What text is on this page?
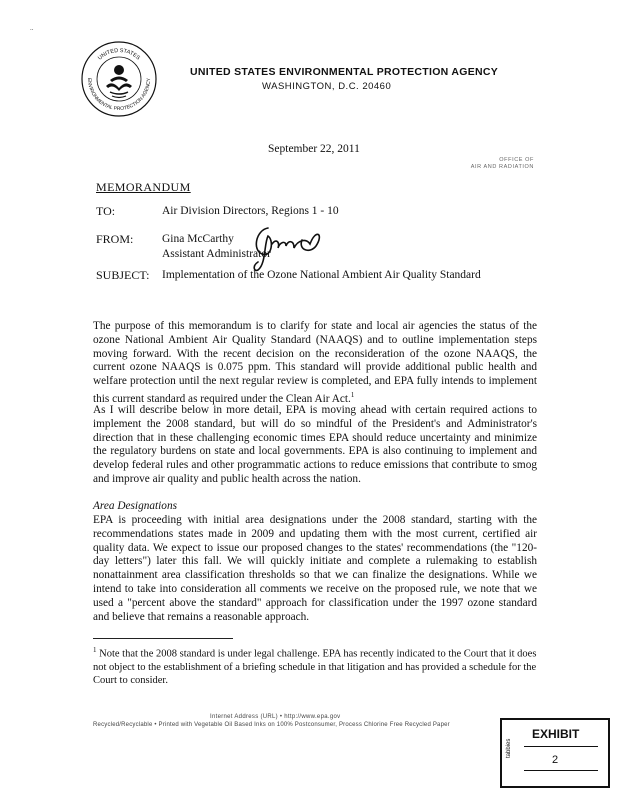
..
UNITED STATES
ENVIRONMENTAL PROTECTION AGENCY
UNITED STATES ENVIRONMENTAL PROTECTION AGENCY
WASHINGTON, D.C. 20460
September 22, 2011
OFFICE OF
AIR AND RADIATION
MEMORANDUM
TO:	Air Division Directors, Regions 1 - 10
FROM: Gina McCarthy
Assistant Administrator
SUBJECT: Implementation of the Ozone National Ambient Air Quality Standard

The purpose of this memorandum is to clarify for state and local air agencies the status of the ozone National Ambient Air Quality Standard (NAAQS) and to outline implementation steps moving forward. With the recent decision on the reconsideration of the ozone NAAQS, the current ozone NAAQS is 0.075 ppm. This standard will provide additional public health and welfare protection until the next regular review is completed, and EPA fully intends to implement this current standard as required under the Clean Air Act.$^1$

As I will describe below in more detail, EPA is moving ahead with certain required actions to implement the 2008 standard, but will do so mindful of the President's and Administrator's direction that in these challenging economic times EPA should reduce uncertainty and minimize the regulatory burdens on state and local governments. EPA is also continuing to implement and develop federal rules and other programmatic actions to reduce emissions that contribute to smog and improve air quality and public health across the nation.

Area Designations

EPA is proceeding with initial area designations under the 2008 standard, starting with the recommendations states made in 2009 and updating them with the most current, certified air quality data. We expect to issue our proposed changes to the states' recommendations (the "120-day letters") later this fall. We will quickly initiate and complete a rulemaking to establish nonattainment area classification thresholds so that we can finalize the designations. While we intend to take into consideration all comments we receive on the proposed rule, we note that we used a "percent above the standard" approach for classification under the 1997 ozone standard and believe that remains a reasonable approach.

$^1$ Note that the 2008 standard is under legal challenge. EPA has recently indicated to the Court that it does not object to the establishment of a briefing schedule in that litigation and has provided a schedule for the Court to consider.

Internet Address (URL) • http://www.epa.gov
Recycled/Recyclable • Printed with Vegetable Oil Based Inks on 100% Postconsumer, Process Chlorine Free Recycled Paper
EXHIBIT
2
tabbies
